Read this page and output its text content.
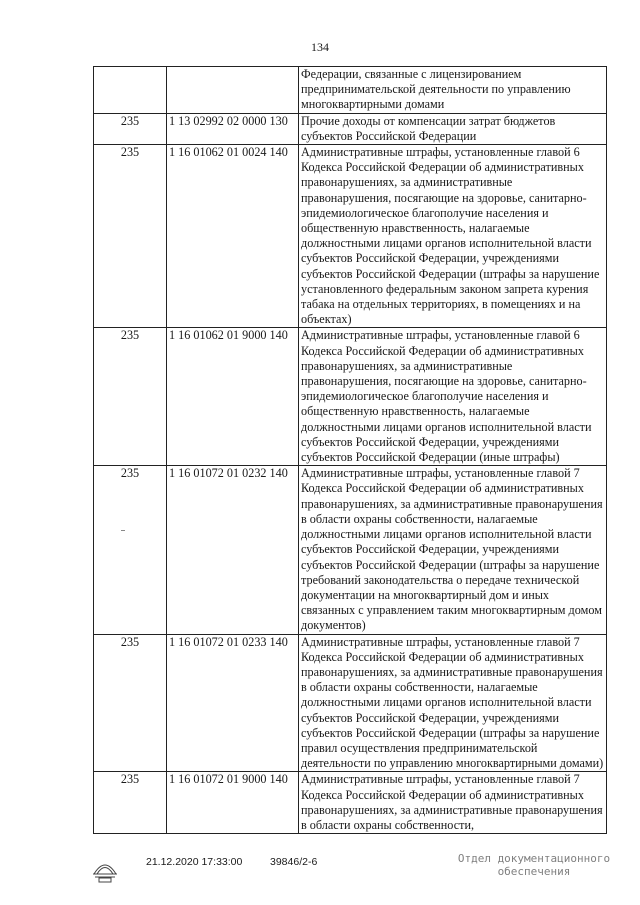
134
		Федерации, связанные с лицензированием предпринимательской деятельности по управлению многоквартирными домами
235	1 13 02992 02 0000 130	Прочие доходы от компенсации затрат бюджетов субъектов Российской Федерации
235	1 16 01062 01 0024 140	Административные штрафы, установленные главой 6 Кодекса Российской Федерации об административных правонарушениях, за административные правонарушения, посягающие на здоровье, санитарно-эпидемиологическое благополучие населения и общественную нравственность, налагаемые должностными лицами органов исполнительной власти субъектов Российской Федерации, учреждениями субъектов Российской Федерации (штрафы за нарушение установленного федеральным законом запрета курения табака на отдельных территориях, в помещениях и на объектах)
235	1 16 01062 01 9000 140	Административные штрафы, установленные главой 6 Кодекса Российской Федерации об административных правонарушениях, за административные правонарушения, посягающие на здоровье, санитарно-эпидемиологическое благополучие населения и общественную нравственность, налагаемые должностными лицами органов исполнительной власти субъектов Российской Федерации, учреждениями субъектов Российской Федерации (иные штрафы)
235	1 16 01072 01 0232 140	Административные штрафы, установленные главой 7 Кодекса Российской Федерации об административных правонарушениях, за административные правонарушения в области охраны собственности, налагаемые должностными лицами органов исполнительной власти субъектов Российской Федерации, учреждениями субъектов Российской Федерации (штрафы за нарушение требований законодательства о передаче технической документации на многоквартирный дом и иных связанных с управлением таким многоквартирным домом документов)
235	1 16 01072 01 0233 140	Административные штрафы, установленные главой 7 Кодекса Российской Федерации об административных правонарушениях, за административные правонарушения в области охраны собственности, налагаемые должностными лицами органов исполнительной власти субъектов Российской Федерации, учреждениями субъектов Российской Федерации (штрафы за нарушение правил осуществления предпринимательской деятельности по управлению многоквартирными домами)
235	1 16 01072 01 9000 140	Административные штрафы, установленные главой 7 Кодекса Российской Федерации об административных правонарушениях, за административные правонарушения в области охраны собственности,
21.12.2020 17:33:00	39846/2-6	Отдел документационного
обеспечения
